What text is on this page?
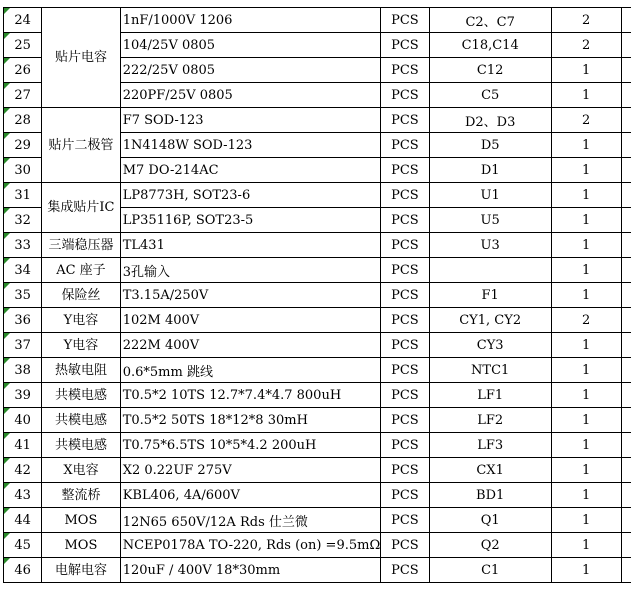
24	贴片电容	1nF/1000V 1206	PCS	C2、C7	2	

25		104/25V 0805	PCS	C18,C14	2	

26		222/25V 0805	PCS	C12	1	

27		220PF/25V 0805	PCS	C5	1	

28	贴片二极管	F7 SOD-123	PCS	D2、D3	2	

29		1N4148W SOD-123	PCS	D5	1	

30		M7 DO-214AC	PCS	D1	1	

31	集成贴片IC	LP8773H, SOT23-6	PCS	U1	1	

32		LP35116P, SOT23-5	PCS	U5	1	

33	三端稳压器	TL431	PCS	U3	1	

34	AC 座子	3孔输入	PCS		1	

35	保险丝	T3.15A/250V	PCS	F1	1	

36	Y电容	102M 400V	PCS	CY1, CY2	2	

37	Y电容	222M 400V	PCS	CY3	1	

38	热敏电阻	0.6*5mm 跳线	PCS	NTC1	1	

39	共模电感	T0.5*2 10TS 12.7*7.4*4.7 800uH	PCS	LF1	1	

40	共模电感	T0.5*2 50TS 18*12*8 30mH	PCS	LF2	1	

41	共模电感	T0.75*6.5TS 10*5*4.2 200uH	PCS	LF3	1	

42	X电容	X2 0.22UF 275V	PCS	CX1	1	

43	整流桥	KBL406, 4A/600V	PCS	BD1	1	

44	MOS	12N65 650V/12A Rds 仕兰微	PCS	Q1	1	

45	MOS	NCEP0178A TO-220, Rds (on) =9.5mΩ	PCS	Q2	1	

46	电解电容	120uF / 400V 18*30mm	PCS	C1	1	
